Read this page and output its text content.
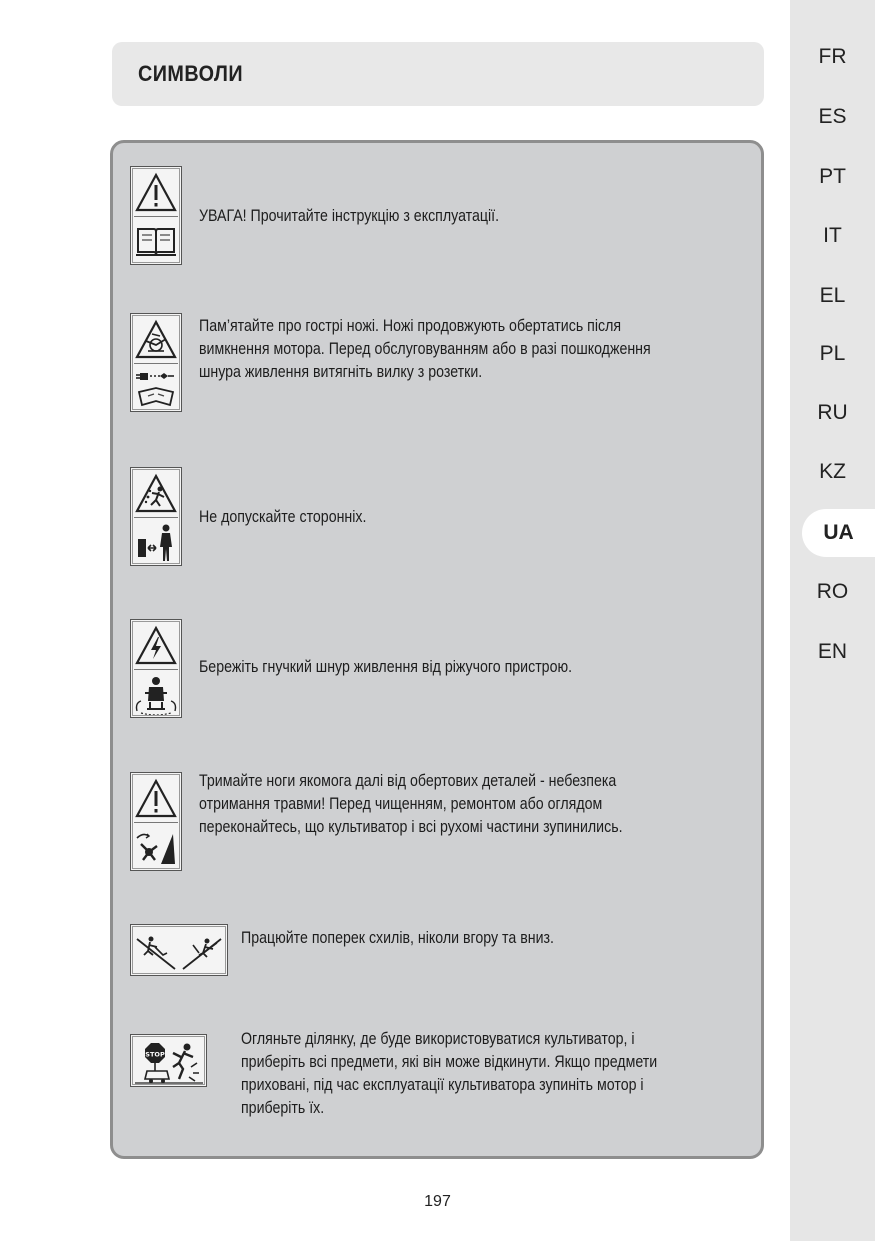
FR
ES
PT
IT
EL
PL
RU
KZ
UA
RO
EN
СИМВОЛИ
УВАГА! Прочитайте інструкцію з експлуатації.
Пам’ятайте про гострі ножі. Ножі продовжують обертатись після
вимкнення мотора. Перед обслуговуванням або в разі пошкодження
шнура живлення витягніть вилку з розетки.
Не допускайте сторонніх.
Бережіть гнучкий шнур живлення від ріжучого пристрою.
Тримайте ноги якомога далі від обертових деталей - небезпека
отримання травми! Перед чищенням, ремонтом або оглядом
переконайтесь, що культиватор і всі рухомі частини зупинились.
Працюйте поперек схилів, ніколи вгору та вниз.
STOP
Огляньте ділянку, де буде використовуватися культиватор, і
приберіть всі предмети, які він може відкинути. Якщо предмети
приховані, під час експлуатації культиватора зупиніть мотор і
приберіть їх.
197
